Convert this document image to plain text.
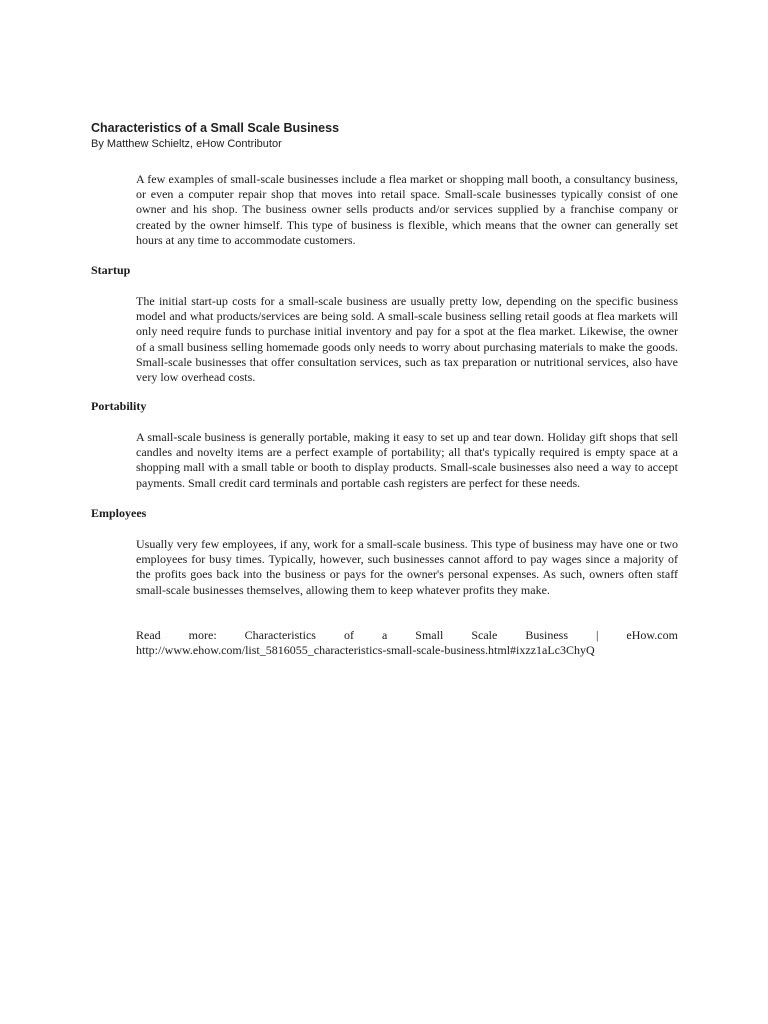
Characteristics of a Small Scale Business

By Matthew Schieltz, eHow Contributor

A few examples of small-scale businesses include a flea market or shopping mall booth, a consultancy business, or even a computer repair shop that moves into retail space. Small-scale businesses typically consist of one owner and his shop. The business owner sells products and/or services supplied by a franchise company or created by the owner himself. This type of business is flexible, which means that the owner can generally set hours at any time to accommodate customers.

Startup

The initial start-up costs for a small-scale business are usually pretty low, depending on the specific business model and what products/services are being sold. A small-scale business selling retail goods at flea markets will only need require funds to purchase initial inventory and pay for a spot at the flea market. Likewise, the owner of a small business selling homemade goods only needs to worry about purchasing materials to make the goods. Small-scale businesses that offer consultation services, such as tax preparation or nutritional services, also have very low overhead costs.

Portability

A small-scale business is generally portable, making it easy to set up and tear down. Holiday gift shops that sell candles and novelty items are a perfect example of portability; all that's typically required is empty space at a shopping mall with a small table or booth to display products. Small-scale businesses also need a way to accept payments. Small credit card terminals and portable cash registers are perfect for these needs.

Employees

Usually very few employees, if any, work for a small-scale business. This type of business may have one or two employees for busy times. Typically, however, such businesses cannot afford to pay wages since a majority of the profits goes back into the business or pays for the owner's personal expenses. As such, owners often staff small-scale businesses themselves, allowing them to keep whatever profits they make.

Read more: Characteristics of a Small Scale Business | eHow.com
http://www.ehow.com/list_5816055_characteristics-small-scale-business.html#ixzz1aLc3ChyQ
